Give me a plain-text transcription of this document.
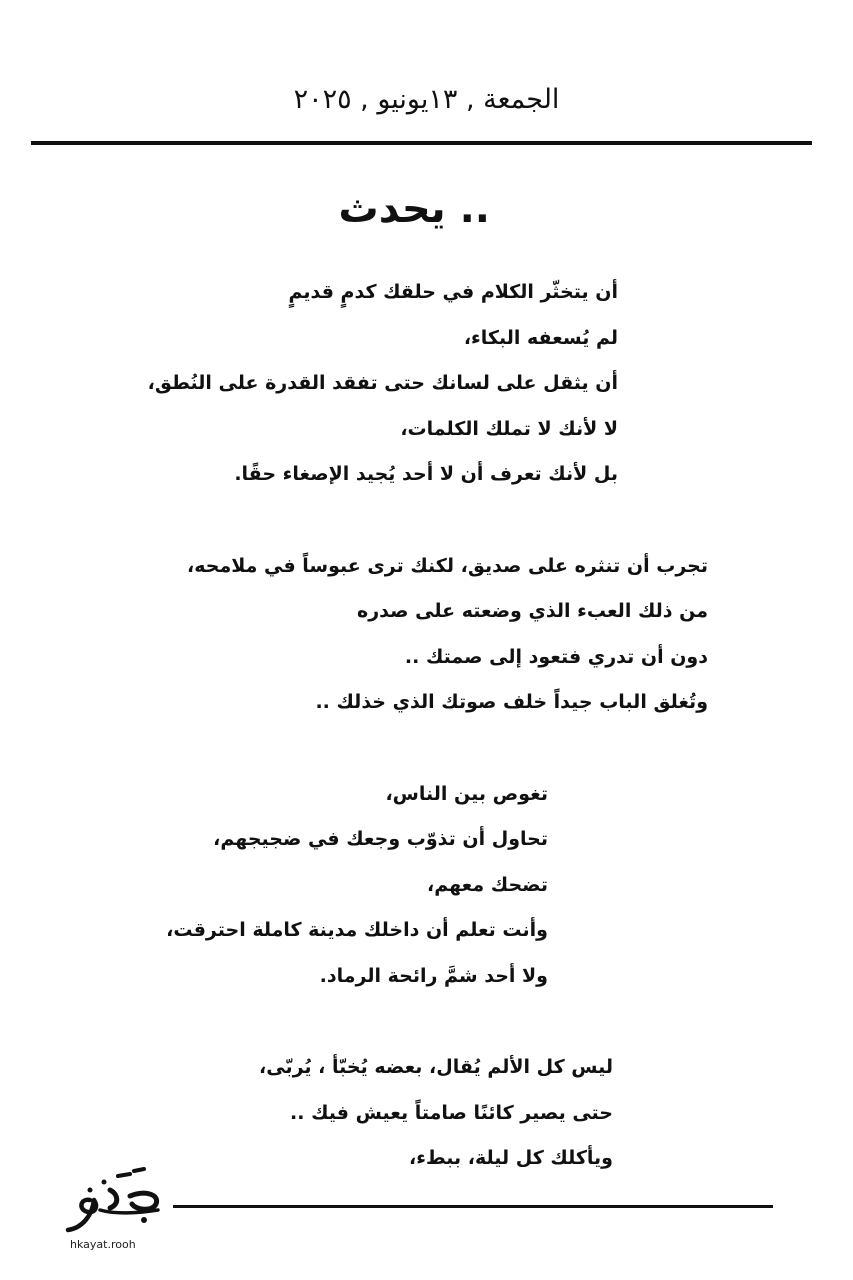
الجمعة , ١٣يونيو , ٢٠٢٥
يحدث ..
أن يتخثّر الكلام في حلقك كدمٍ قديمٍ
لم يُسعفه البكاء،
أن يثقل على لسانك حتى تفقد القدرة على النُطق،
لا لأنك لا تملك الكلمات،
بل لأنك تعرف أن لا أحد يُجيد الإصغاء حقًا.
تجرب أن تنثره على صديق، لكنك ترى عبوساً في ملامحه،
من ذلك العبء الذي وضعته على صدره
دون أن تدري فتعود إلى صمتك ..
وتُغلق الباب جيداً خلف صوتك الذي خذلك ..
تغوص بين الناس،
تحاول أن تذوّب وجعك في ضجيجهم،
تضحك معهم،
وأنت تعلم أن داخلك مدينة كاملة احترقت،
ولا أحد شمَّ رائحة الرماد.
ليس كل الألم يُقال، بعضه يُخبّأ ، يُربّى،
حتى يصير كائنًا صامتاً يعيش فيك ..
ويأكلك كل ليلة، ببطء،
hkayat.rooh
